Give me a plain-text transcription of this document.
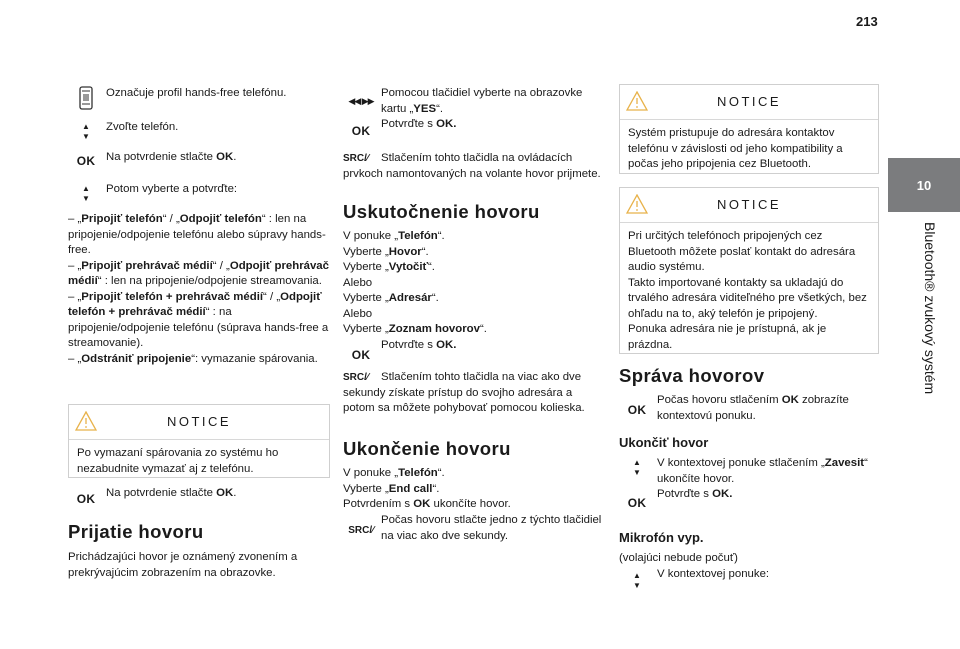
213
10
Bluetooth® zvukový systém
Označuje profil hands-free telefónu.
▲
▼
Zvoľte telefón.
OK Na potvrdenie stlačte OK.
▲
▼
Potom vyberte a potvrďte:

– „Pripojiť telefón“ / „Odpojiť telefón“ : len na pripojenie/odpojenie telefónu alebo súpravy hands-free.

– „Pripojiť prehrávač médií“ / „Odpojiť prehrávač médií“ : len na pripojenie/odpojenie streamovania.

– „Pripojiť telefón + prehrávač médií“ / „Odpojiť telefón + prehrávač médií“ : na pripojenie/odpojenie telefónu (súprava hands-free a streamovanie).

– „Odstrániť pripojenie“: vymazanie spárovania.

NOTICE
Po vymazaní spárovania zo systému ho nezabudnite vymazať aj z telefónu.
OK Na potvrdenie stlačte OK.
Prijatie hovoru
Prichádzajúci hovor je oznámený zvonením a prekrývajúcim zobrazením na obrazovke.
◀◀
▶▶
OK
Pomocou tlačidiel vyberte na obrazovke kartu „YES“.
Potvrďte s OK.
SRC/∕ Stlačením tohto tlačidla na ovládacích prvkoch namontovaných na volante hovor prijmete.
Uskutočnenie hovoru

V ponuke „Telefón“.

Vyberte „Hovor“.

Vyberte „Vytočiť“.

Alebo

Vyberte „Adresár“.

Alebo

Vyberte „Zoznam hovorov“.

OK
Potvrďte s OK.
SRC/∕ Stlačením tohto tlačidla na viac ako dve sekundy získate prístup do svojho adresára a potom sa môžete pohybovať pomocou kolieska.
Ukončenie hovoru

V ponuke „Telefón“.

Vyberte „End call“.

Potvrdením s OK ukončíte hovor.

SRC/∕
Počas hovoru stlačte jedno z týchto tlačidiel na viac ako dve sekundy.
NOTICE
Systém pristupuje do adresára kontaktov telefónu v závislosti od jeho kompatibility a počas jeho pripojenia cez Bluetooth.
NOTICE

Pri určitých telefónoch pripojených cez Bluetooth môžete poslať kontakt do adresára audio systému.

Takto importované kontakty sa ukladajú do trvalého adresára viditeľného pre všetkých, bez ohľadu na to, aký telefón je pripojený.

Ponuka adresára nie je prístupná, ak je prázdna.

Správa hovorov
OK
Počas hovoru stlačením OK zobrazíte kontextovú ponuku.
Ukončiť hovor
▲
▼
V kontextovej ponuke stlačením „Zavesit“ ukončíte hovor.
OK
Potvrďte s OK.
Mikrofón vyp.
(volajúci nebude počuť)
▲
▼
V kontextovej ponuke:
